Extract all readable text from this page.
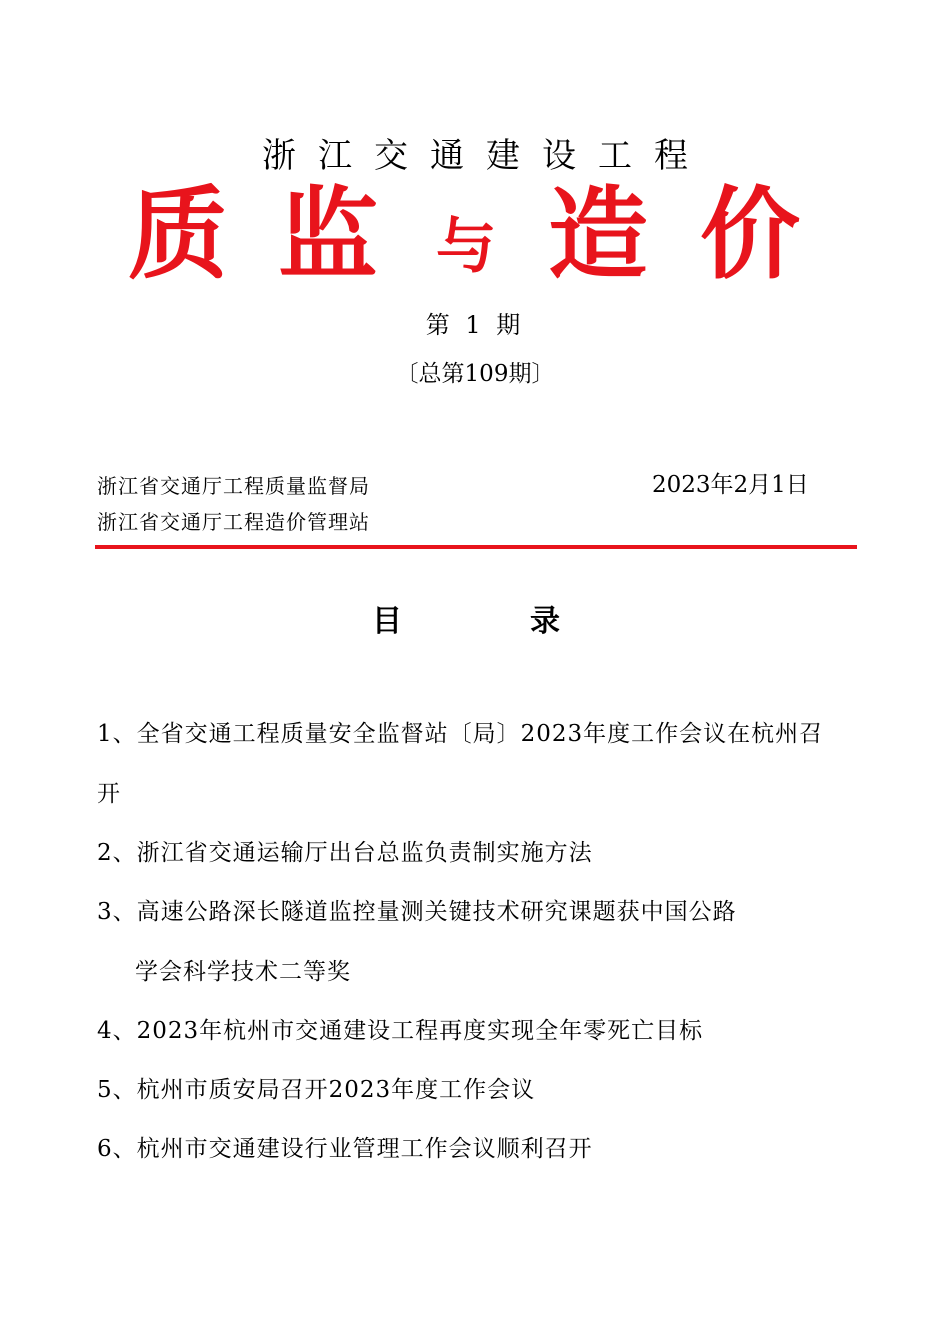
浙江交通建设工程
质 监 与 造 价
第 1 期
〔总第109期〕
浙江省交通厅工程质量监督局
浙江省交通厅工程造价管理站
2023年2月1日
目	录
1、全省交通工程质量安全监督站〔局〕2023年度工作会议在杭州召
开
2、浙江省交通运输厅出台总监负责制实施方法
3、高速公路深长隧道监控量测关键技术研究课题获中国公路
学会科学技术二等奖
4、2023年杭州市交通建设工程再度实现全年零死亡目标
5、杭州市质安局召开2023年度工作会议
6、杭州市交通建设行业管理工作会议顺利召开
